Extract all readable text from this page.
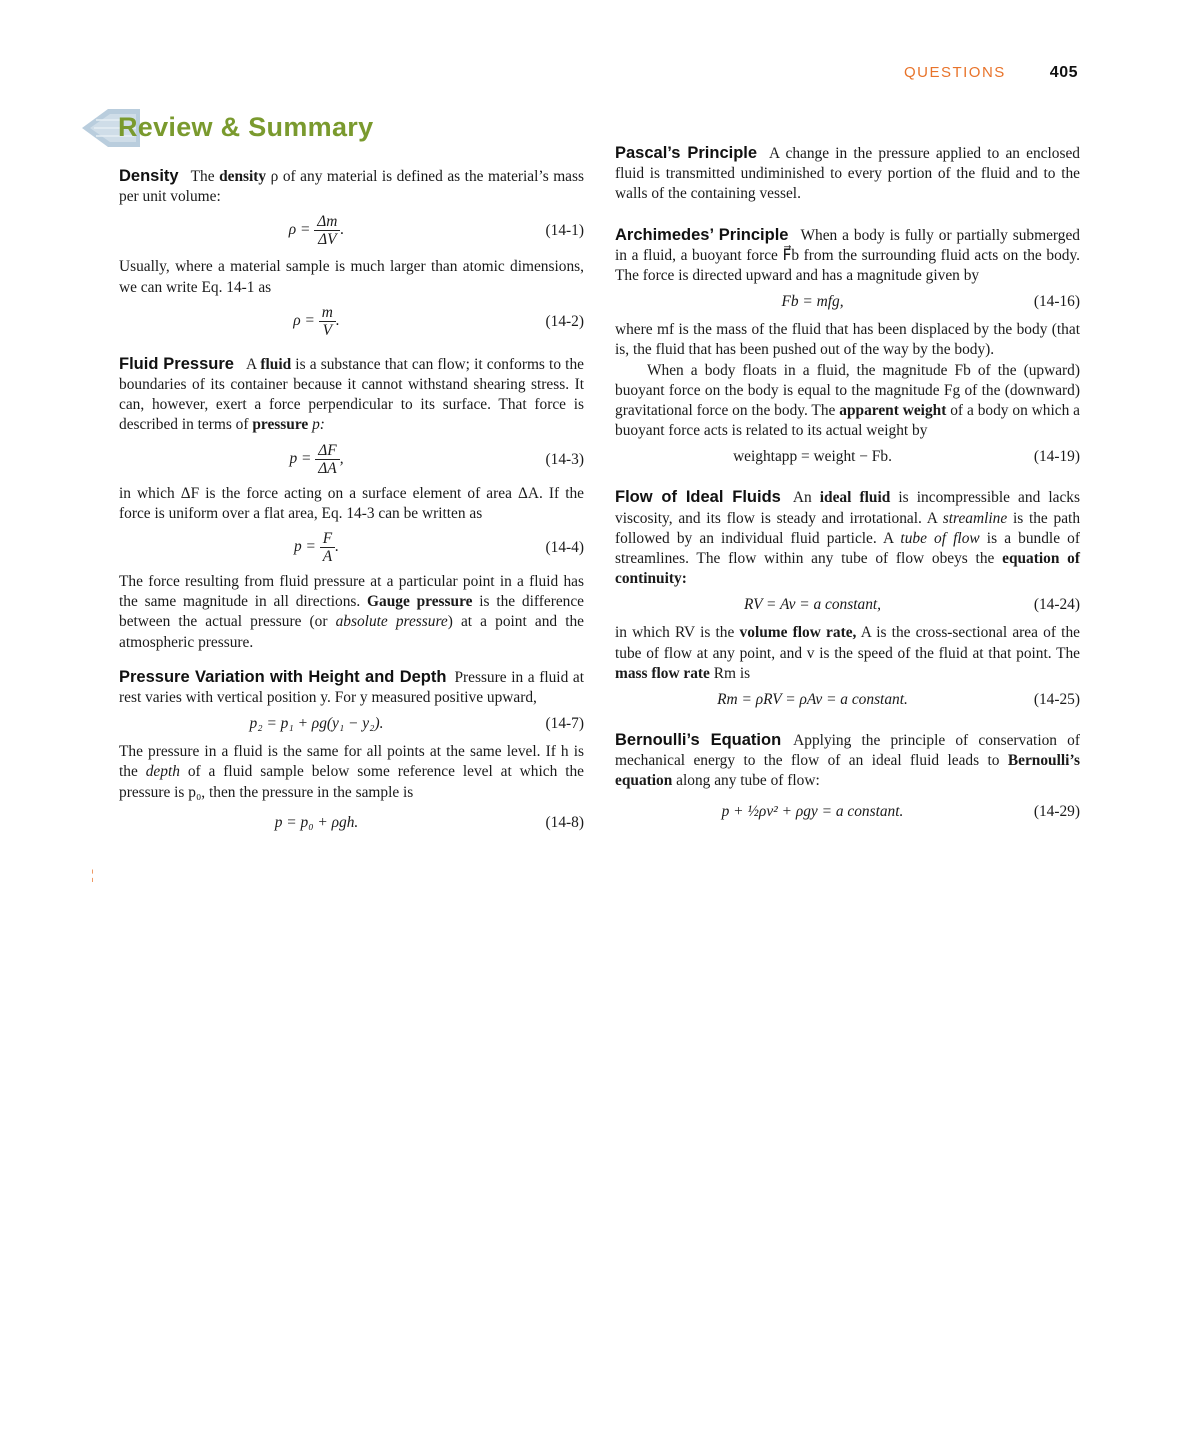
QUESTIONS	405
Review & Summary

Density The density ρ of any material is defined as the material’s mass per unit volume:

$\rho = \frac{\Delta m}{\Delta V}$ .	(14-1)

Usually, where a material sample is much larger than atomic dimensions, we can write Eq. 14-1 as

$\rho = \frac{m}{V}$ .	(14-2)

Fluid Pressure A fluid is a substance that can flow; it conforms to the boundaries of its container because it cannot withstand shearing stress. It can, however, exert a force perpendicular to its surface. That force is described in terms of pressure p:

$p = \frac{\Delta F}{\Delta A}$ ,	(14-3)

in which ΔF is the force acting on a surface element of area ΔA. If the force is uniform over a flat area, Eq. 14-3 can be written as

$p = \frac{F}{A}$ .	(14-4)

The force resulting from fluid pressure at a particular point in a fluid has the same magnitude in all directions. Gauge pressure is the difference between the actual pressure (or absolute pressure) at a point and the atmospheric pressure.

Pressure Variation with Height and Depth Pressure in a fluid at rest varies with vertical position y. For y measured positive upward,

p₂ = p₁ + ρg(y₁ − y₂).	(14-7)

The pressure in a fluid is the same for all points at the same level. If h is the depth of a fluid sample below some reference level at which the pressure is p₀, then the pressure in the sample is

p = p₀ + ρgh.	(14-8)

Pascal’s Principle A change in the pressure applied to an enclosed fluid is transmitted undiminished to every portion of the fluid and to the walls of the containing vessel.

Archimedes’ Principle When a body is fully or partially submerged in a fluid, a buoyant force F⃗b from the surrounding fluid acts on the body. The force is directed upward and has a magnitude given by

Fb = mfg,	(14-16)

where mf is the mass of the fluid that has been displaced by the body (that is, the fluid that has been pushed out of the way by the body).

When a body floats in a fluid, the magnitude Fb of the (upward) buoyant force on the body is equal to the magnitude Fg of the (downward) gravitational force on the body. The apparent weight of a body on which a buoyant force acts is related to its actual weight by

weightapp = weight − Fb.	(14-19)

Flow of Ideal Fluids An ideal fluid is incompressible and lacks viscosity, and its flow is steady and irrotational. A streamline is the path followed by an individual fluid particle. A tube of flow is a bundle of streamlines. The flow within any tube of flow obeys the equation of continuity:

RV = Av = a constant,	(14-24)

in which RV is the volume flow rate, A is the cross-sectional area of the tube of flow at any point, and v is the speed of the fluid at that point. The mass flow rate Rm is

Rm = ρRV = ρAv = a constant.	(14-25)

Bernoulli’s Equation Applying the principle of conservation of mechanical energy to the flow of an ideal fluid leads to Bernoulli’s equation along any tube of flow:

p + ½ρv² + ρgy = a constant.	(14-29)
¦
